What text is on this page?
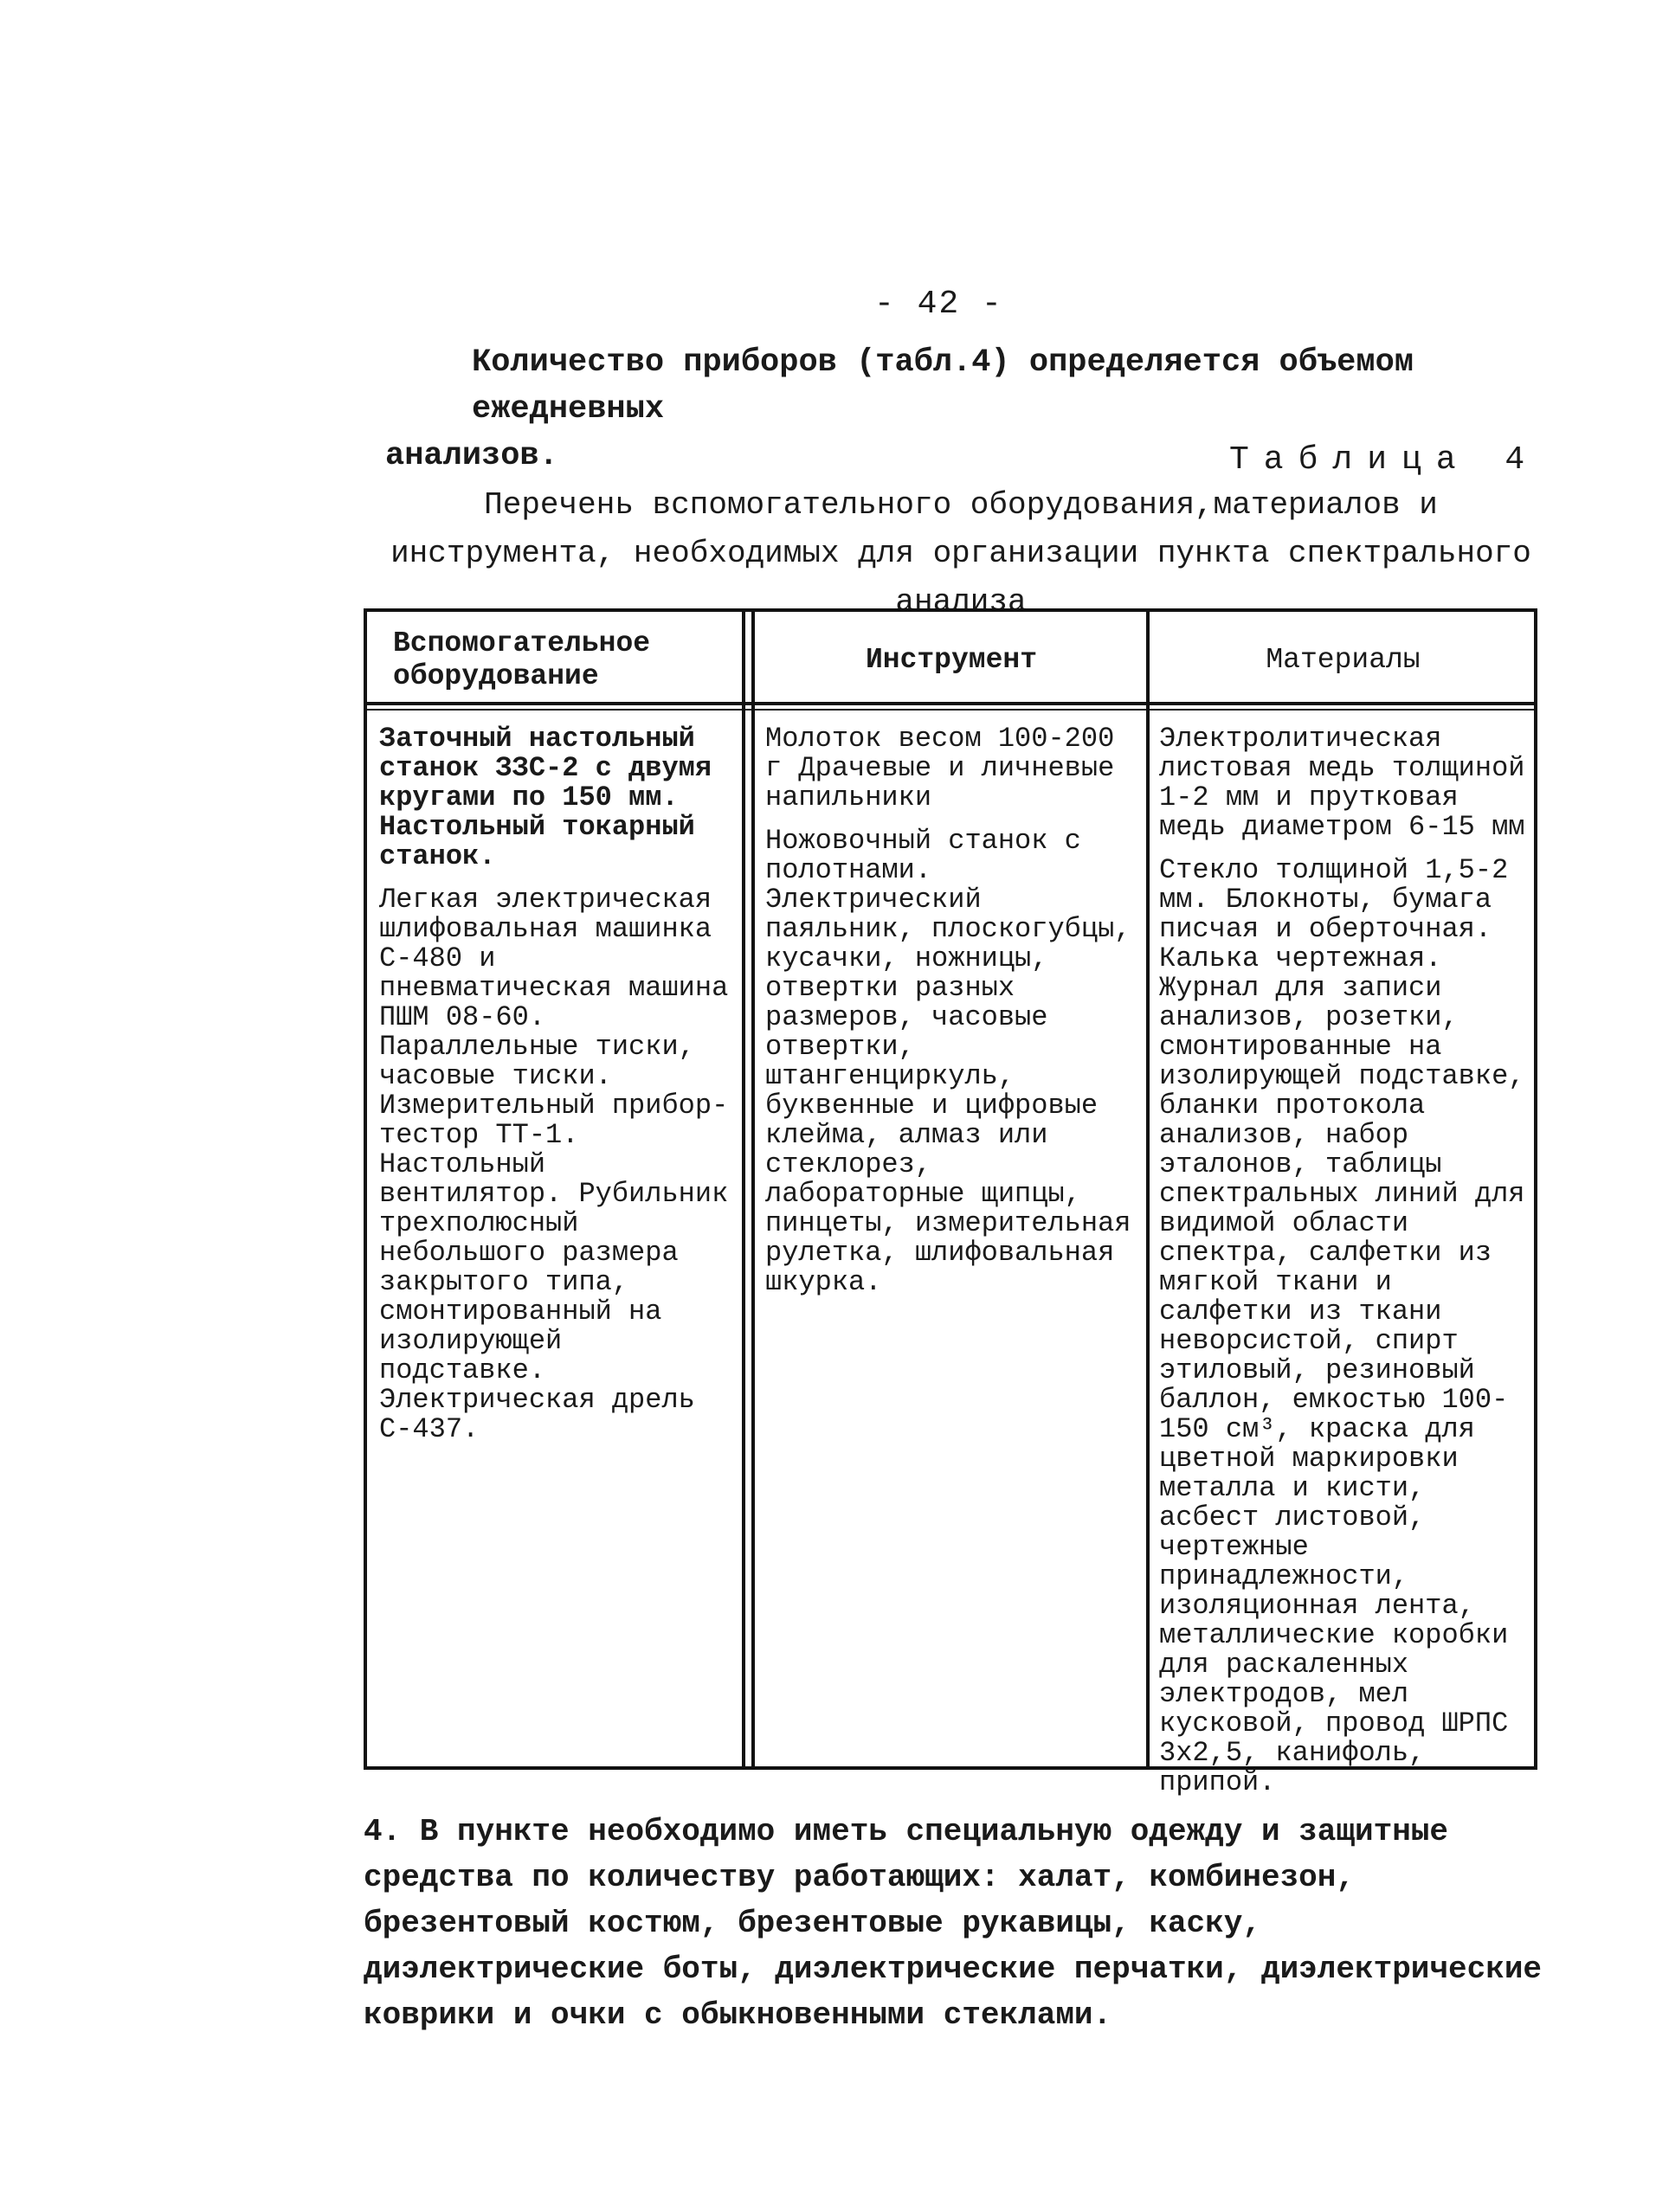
- 42 -
Количество приборов (табл.4) определяется объемом ежедневных
анализов.	Таблица 4
Перечень вспомогательного оборудования,материалов и инструмента, необходимых для организации пункта спектрального анализа
Вспомогательное оборудование
Инструмент	Материалы

Заточный настольный станок ЗЗС-2 с двумя кругами по 150 мм. Настольный токарный станок.

Легкая электрическая шлифовальная машинка С-480 и пневматическая машина ПШМ 08-60. Параллельные тиски, часовые тиски. Измерительный прибор-тестор ТТ-1. Настольный вентилятор. Рубильник трехполюсный небольшого размера закрытого типа, смонтированный на изолирующей подставке. Электрическая дрель С-437.

Молоток весом 100-200 г Драчевые и личневые напильники

Ножовочный станок с полотнами. Электрический паяльник, плоскогубцы, кусачки, ножницы, отвертки разных размеров, часовые отвертки, штангенциркуль, буквенные и цифровые клейма, алмаз или стеклорез, лабораторные щипцы, пинцеты, измерительная рулетка, шлифовальная шкурка.

Электролитическая листовая медь толщиной 1-2 мм и прутковая медь диаметром 6-15 мм

Стекло толщиной 1,5-2 мм. Блокноты, бумага писчая и оберточная. Калька чертежная. Журнал для записи анализов, розетки, смонтированные на изолирующей подставке, бланки протокола анализов, набор эталонов, таблицы спектральных линий для видимой области спектра, салфетки из мягкой ткани и салфетки из ткани неворсистой, спирт этиловый, резиновый баллон, емкостью 100-150 см³, краска для цветной маркировки металла и кисти, асбест листовой, чертежные принадлежности, изоляционная лента, металлические коробки для раскаленных электродов, мел кусковой, провод ШРПС 3х2,5, канифоль, припой.

4. В пункте необходимо иметь специальную одежду и защитные средства по количеству работающих: халат, комбинезон, брезентовый костюм, брезентовые рукавицы, каску, диэлектрические боты, диэлектрические перчатки, диэлектрические коврики и очки с обыкновенными стеклами.
